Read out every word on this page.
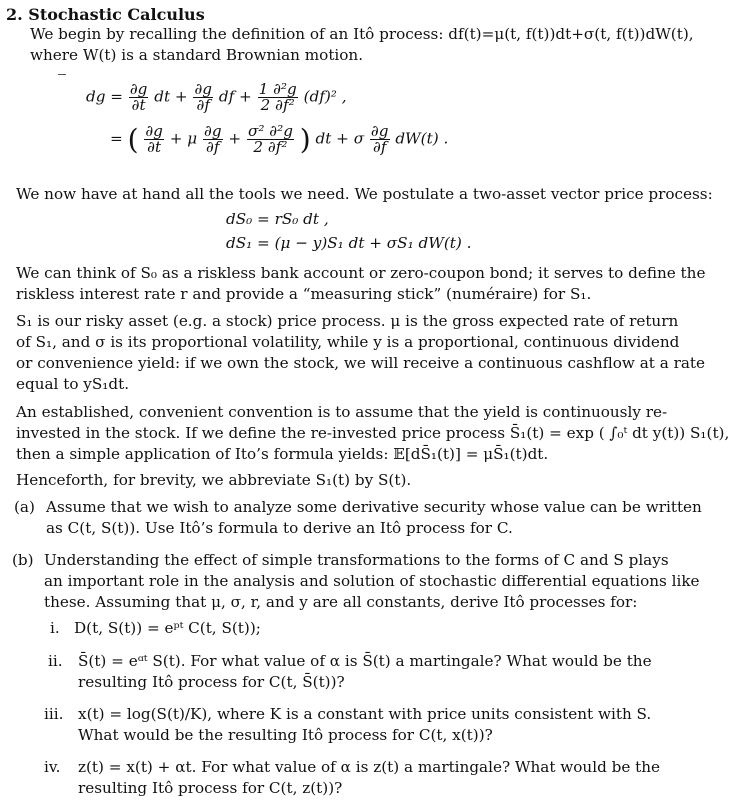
2. Stochastic Calculus
We begin by recalling the definition of an Itô process: df(t)=μ(t, f(t))dt+σ(t, f(t))dW(t),
where W(t) is a standard Brownian motion.
dg = $\frac{\partial g}{\partial t}$ dt + $\frac{\partial g}{\partial f}$ df + $\frac{\text{1 ∂²g}}{\text{2 ∂f²}} (df)^2$ ,
= ( $\frac{\partial g}{\partial t} + \mu \frac{\partial g}{\partial f} + \frac{\text{σ² ∂²g}}{\text{2 ∂f²}}$ ) dt + σ $\frac{\partial g}{\partial f} dW(t)$ .
We now have at hand all the tools we need. We postulate a two-asset vector price process:
dS₀ = rS₀ dt ,
dS₁ = (μ − y)S₁ dt + σS₁ dW(t) .
We can think of S₀ as a riskless bank account or zero-coupon bond; it serves to define the
riskless interest rate r and provide a “measuring stick” (numéraire) for S₁.
S₁ is our risky asset (e.g. a stock) price process. μ is the gross expected rate of return
of S₁, and σ is its proportional volatility, while y is a proportional, continuous dividend
or convenience yield: if we own the stock, we will receive a continuous cashflow at a rate
equal to yS₁dt.
An established, convenient convention is to assume that the yield is continuously re-
invested in the stock. If we define the re-invested price process S̄₁(t) = exp ( ∫₀ᵗ dt y(t)) S₁(t),
then a simple application of Ito’s formula yields: 𝔼[dS̄₁(t)] = μS̄₁(t)dt.
Henceforth, for brevity, we abbreviate S₁(t) by S(t).
(a) Assume that we wish to analyze some derivative security whose value can be written
as C(t, S(t)). Use Itô’s formula to derive an Itô process for C.
(b) Understanding the effect of simple transformations to the forms of C and S plays
an important role in the analysis and solution of stochastic differential equations like
these. Assuming that μ, σ, r, and y are all constants, derive Itô processes for:
i. D(t, S(t)) = eᵖᵗ C(t, S(t));
ii. S̄(t) = eᵅᵗ S(t). For what value of α is S̄(t) a martingale? What would be the
resulting Itô process for C(t, S̄(t))?
iii. x(t) = log(S(t)/K), where K is a constant with price units consistent with S.
What would be the resulting Itô process for C(t, x(t))?
iv. z(t) = x(t) + αt. For what value of α is z(t) a martingale? What would be the
resulting Itô process for C(t, z(t))?
